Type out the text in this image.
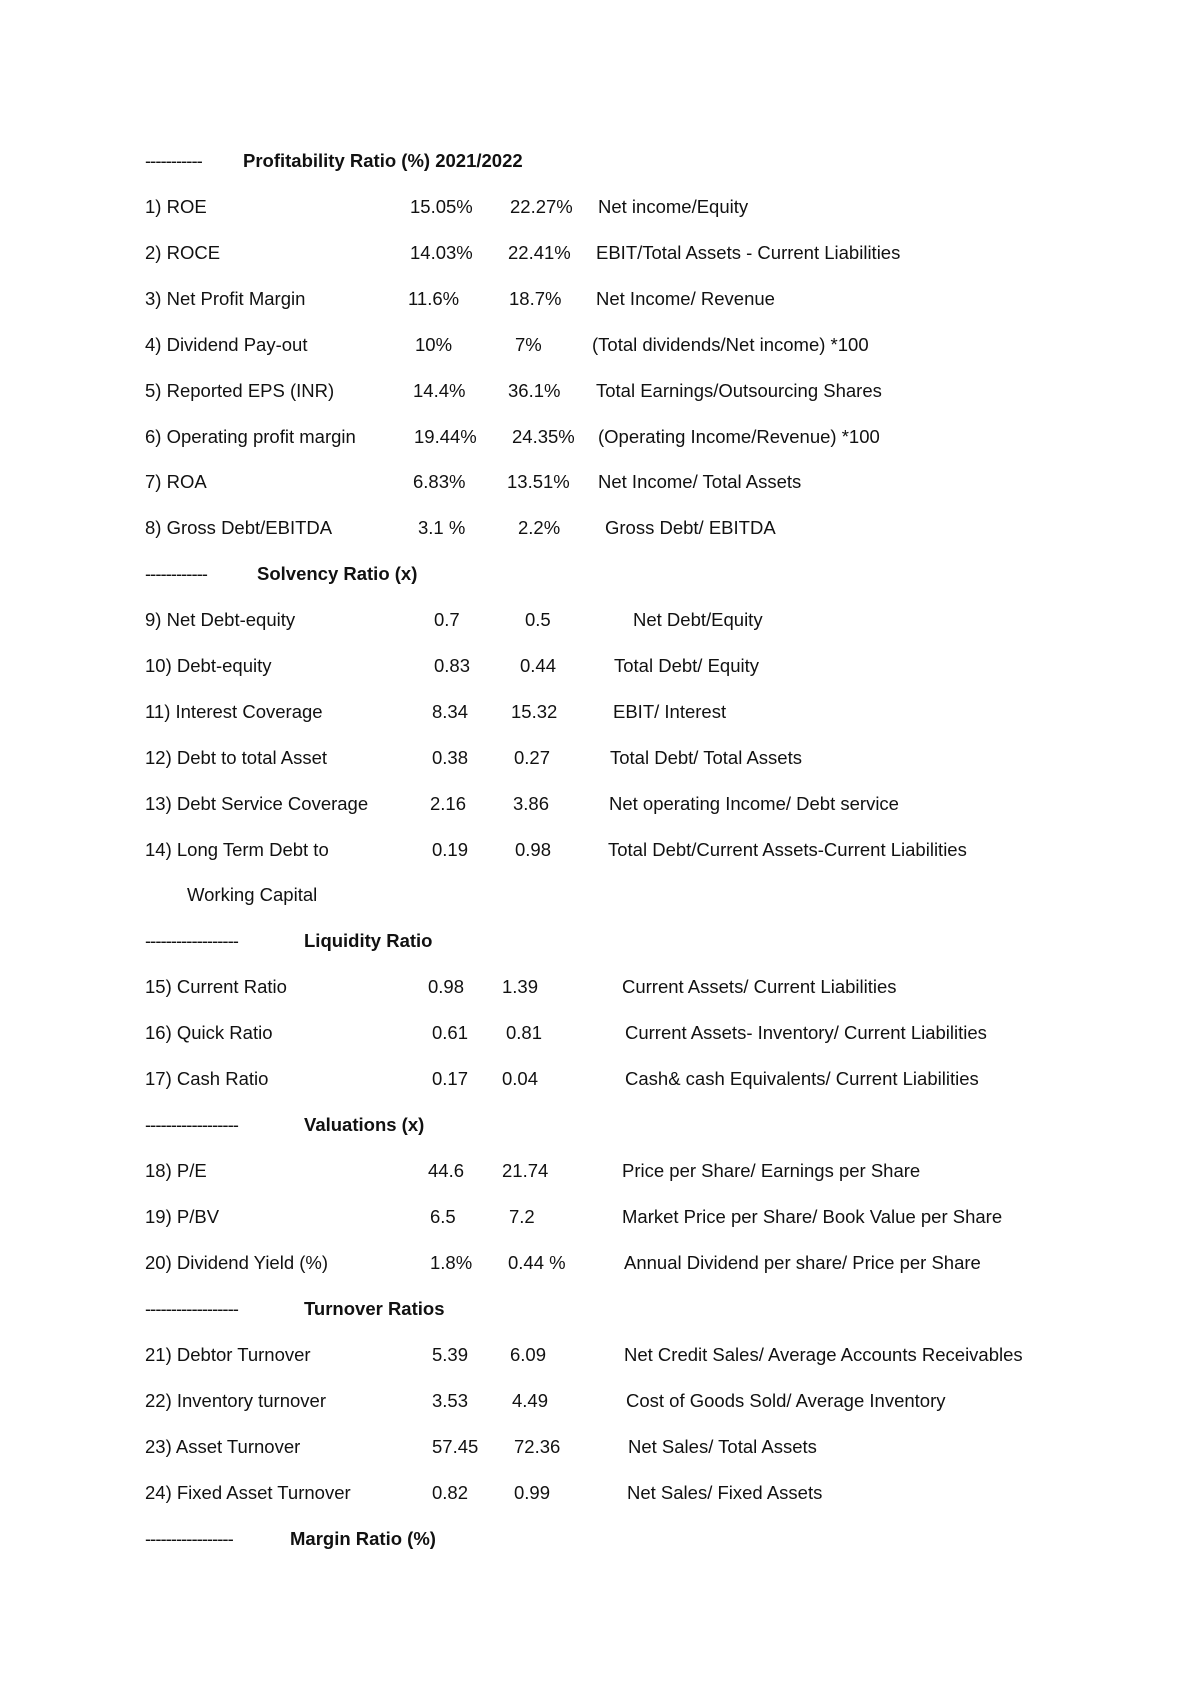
----------- Profitability Ratio (%) 2021/2022
1) ROE	15.05% 22.27% Net income/Equity
2) ROCE	14.03% 22.41% EBIT/Total Assets - Current Liabilities
3) Net Profit Margin	11.6%	18.7% Net Income/ Revenue
4) Dividend Pay-out	10%	7%	(Total dividends/Net income) *100
5) Reported EPS (INR)	14.4% 36.1% Total Earnings/Outsourcing Shares
6) Operating profit margin	19.44% 24.35% (Operating Income/Revenue) *100
7) ROA	6.83% 13.51% Net Income/ Total Assets
8) Gross Debt/EBITDA	3.1 %	2.2% Gross Debt/ EBITDA
------------	Solvency Ratio (x)
9) Net Debt-equity	0.7	0.5	Net Debt/Equity
10) Debt-equity	0.83	0.44	Total Debt/ Equity
11) Interest Coverage	8.34 15.32	EBIT/ Interest
12) Debt to total Asset	0.38 0.27	Total Debt/ Total Assets
13) Debt Service Coverage	2.16	3.86	Net operating Income/ Debt service
14) Long Term Debt to	0.19	0.98	Total Debt/Current Assets-Current Liabilities
Working Capital
------------------	Liquidity Ratio
15) Current Ratio	0.98 1.39	Current Assets/ Current Liabilities
16) Quick Ratio	0.61 0.81	Current Assets- Inventory/ Current Liabilities
17) Cash Ratio	0.17 0.04	Cash& cash Equivalents/ Current Liabilities
------------------	Valuations (x)
18) P/E	44.6 21.74	Price per Share/ Earnings per Share
19) P/BV	6.5	7.2	Market Price per Share/ Book Value per Share
20) Dividend Yield (%)	1.8% 0.44 %	Annual Dividend per share/ Price per Share
------------------	Turnover Ratios
21) Debtor Turnover	5.39 6.09	Net Credit Sales/ Average Accounts Receivables
22) Inventory turnover	3.53 4.49	Cost of Goods Sold/ Average Inventory
23) Asset Turnover	57.45 72.36	Net Sales/ Total Assets
24) Fixed Asset Turnover	0.82 0.99	Net Sales/ Fixed Assets
-----------------	Margin Ratio (%)
